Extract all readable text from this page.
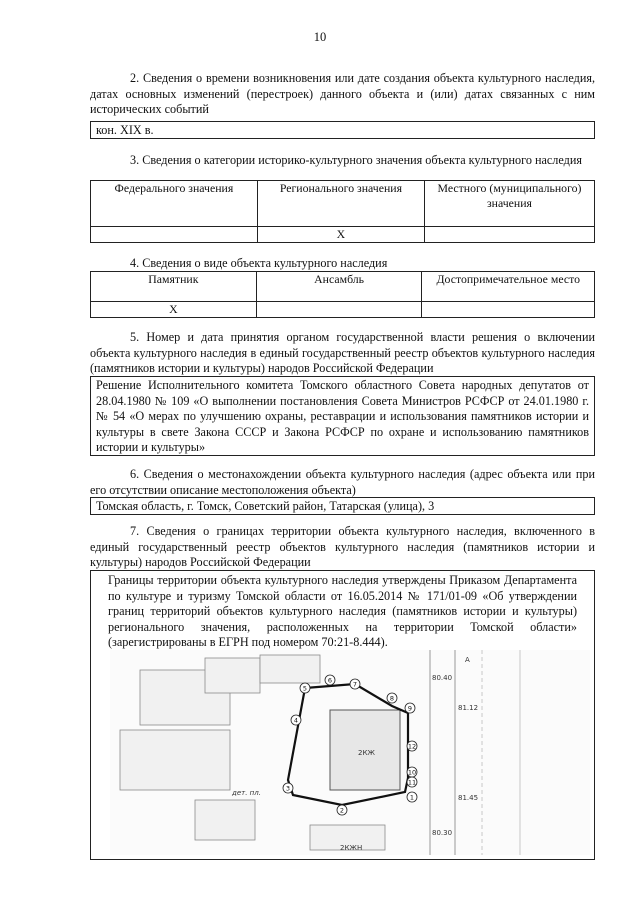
10
2. Сведения о времени возникновения или дате создания объекта культурного наследия, датах основных изменений (перестроек) данного объекта и (или) датах связанных с ним исторических событий
кон. XIX в.
3. Сведения о категории историко-культурного значения объекта культурного наследия
Федерального значения	Регионального значения	Местного (муниципального) значения
	Х	
4. Сведения о виде объекта культурного наследия
Памятник	Ансамбль	Достопримечательное место
Х		
5. Номер и дата принятия органом государственной власти решения о включении объекта культурного наследия в единый государственный реестр объектов культурного наследия (памятников истории и культуры) народов Российской Федерации
Решение Исполнительного комитета Томского областного Совета народных депутатов от 28.04.1980 № 109 «О выполнении постановления Совета Министров РСФСР от 24.01.1980 г. № 54 «О мерах по улучшению охраны, реставрации и использования памятников истории и культуры в свете Закона СССР и Закона РСФСР по охране и использованию памятников истории и культуры»
6. Сведения о местонахождении объекта культурного наследия (адрес объекта или при его отсутствии описание местоположения объекта)
Томская область, г. Томск, Советский район, Татарская (улица), 3
7. Сведения о границах территории объекта культурного наследия, включенного в единый государственный реестр объектов культурного наследия (памятников истории и культуры) народов Российской Федерации
Границы территории объекта культурного наследия утверждены Приказом Департамента по культуре и туризму Томской области от 16.05.2014 № 171/01-09 «Об утверждении границ территорий объектов культурного наследия (памятников истории и культуры) регионального значения, расположенных на территории Томской области» (зарегистрированы в ЕГРН под номером 70:21-8.444).
5
6	7
8
9
4
3
2
1
10
11
12
2КЖ
дет. пл.
А
2КЖН
80.40
80.30
81.12
81.45
